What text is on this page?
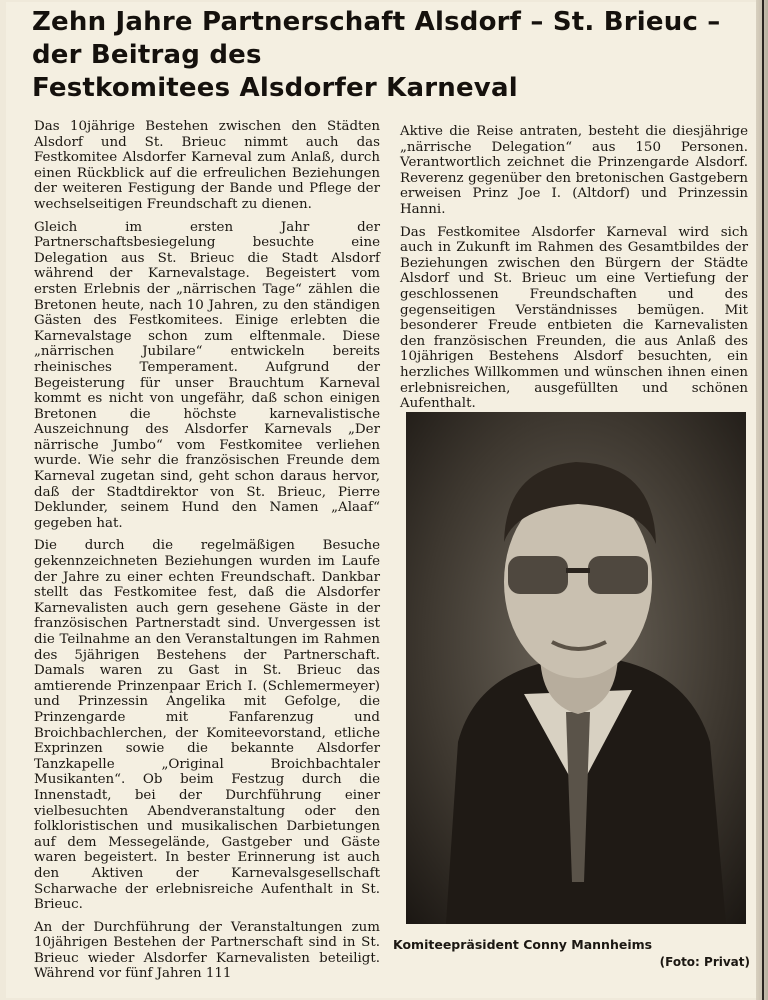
Zehn Jahre Partnerschaft Alsdorf – St. Brieuc –
der Beitrag des
Festkomitees Alsdorfer Karneval

Das 10jährige Bestehen zwischen den Städten Alsdorf und St. Brieuc nimmt auch das Festkomitee Alsdorfer Karneval zum Anlaß, durch einen Rückblick auf die erfreulichen Beziehungen der weiteren Festigung der Bande und Pflege der wechselseitigen Freundschaft zu dienen.

Gleich im ersten Jahr der Partnerschaftsbesiegelung besuchte eine Delegation aus St. Brieuc die Stadt Alsdorf während der Karnevalstage. Begeistert vom ersten Erlebnis der „närrischen Tage“ zählen die Bretonen heute, nach 10 Jahren, zu den ständigen Gästen des Festkomitees. Einige erlebten die Karnevalstage schon zum elftenmale. Diese „närrischen Jubilare“ entwickeln bereits rheinisches Temperament. Aufgrund der Begeisterung für unser Brauchtum Karneval kommt es nicht von ungefähr, daß schon einigen Bretonen die höchste karnevalistische Auszeichnung des Alsdorfer Karnevals „Der närrische Jumbo“ vom Festkomitee verliehen wurde. Wie sehr die französischen Freunde dem Karneval zugetan sind, geht schon daraus hervor, daß der Stadtdirektor von St. Brieuc, Pierre Deklunder, seinem Hund den Namen „Alaaf“ gegeben hat.

Die durch die regelmäßigen Besuche gekennzeichneten Beziehungen wurden im Laufe der Jahre zu einer echten Freundschaft. Dankbar stellt das Festkomitee fest, daß die Alsdorfer Karnevalisten auch gern gesehene Gäste in der französischen Partnerstadt sind. Unvergessen ist die Teilnahme an den Veranstaltungen im Rahmen des 5jährigen Bestehens der Partnerschaft. Damals waren zu Gast in St. Brieuc das amtierende Prinzenpaar Erich I. (Schlemermeyer) und Prinzessin Angelika mit Gefolge, die Prinzengarde mit Fanfarenzug und Broichbachlerchen, der Komiteevorstand, etliche Exprinzen sowie die bekannte Alsdorfer Tanzkapelle „Original Broichbachtaler Musikanten“. Ob beim Festzug durch die Innenstadt, bei der Durchführung einer vielbesuchten Abendveranstaltung oder den folkloristischen und musikalischen Darbietungen auf dem Messegelände, Gastgeber und Gäste waren begeistert. In bester Erinnerung ist auch den Aktiven der Karnevalsgesellschaft Scharwache der erlebnisreiche Aufenthalt in St. Brieuc.

An der Durchführung der Veranstaltungen zum 10jährigen Bestehen der Partnerschaft sind in St. Brieuc wieder Alsdorfer Karnevalisten beteiligt. Während vor fünf Jahren 111

Aktive die Reise antraten, besteht die diesjährige „närrische Delegation“ aus 150 Personen. Verantwortlich zeichnet die Prinzengarde Alsdorf. Reverenz gegenüber den bretonischen Gastgebern erweisen Prinz Joe I. (Altdorf) und Prinzessin Hanni.

Das Festkomitee Alsdorfer Karneval wird sich auch in Zukunft im Rahmen des Gesamtbildes der Beziehungen zwischen den Bürgern der Städte Alsdorf und St. Brieuc um eine Vertiefung der geschlossenen Freundschaften und des gegenseitigen Verständnisses bemügen. Mit besonderer Freude entbieten die Karnevalisten den französischen Freunden, die aus Anlaß des 10jährigen Bestehens Alsdorf besuchten, ein herzliches Willkommen und wünschen ihnen einen erlebnisreichen, ausgefüllten und schönen Aufenthalt.

Komiteepräsident Conny Mannheims
(Foto: Privat)
